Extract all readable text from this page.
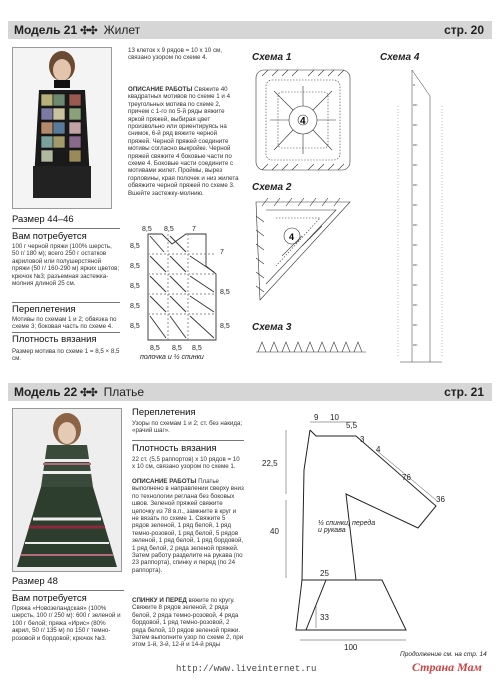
Модель 21 ✣✣ Жилет	стр. 20
Размер 44–46
Вам потребуется
100 г черной пряжи (100% шерсть, 50 г/ 180 м); всего 250 г остатков акриловой или полушерстяной пряжи (50 г/ 160-290 м) ярких цветов; крючок №3; разъемная застежка-молния длиной 25 см.
Переплетения
Мотивы по схемам 1 и 2; обвязка по схеме 3; боковая часть по схеме 4.
Плотность вязания
Размер мотива по схеме 1 = 8,5 × 8,5 см.
13 клеток x 9 рядов = 10 x 10 см, связано узором по схеме 4.
ОПИСАНИЕ РАБОТЫ Свяжите 40 квадратных мотивов по схеме 1 и 4 треугольных мотива по схеме 2, причем с 1-го по 5-й ряды вяжите яркой пряжей, выбирая цвет произвольно или ориентируясь на снимок, 6-й ряд вяжите черной пряжей. Черной пряжей соедините мотивы согласно выкройке. Черной пряжей свяжите 4 боковые части по схеме 4. Боковые части соедините с мотивами жилет. Проймы, вырез горловины, края полочек и низ жилета обвяжите черной пряжей по схеме 3. Вшейте застежку-молнию.
8,5 8,5	7
8,5
8,5
8,5
8,5
8,5
7
8,5
8,5
8,5 8,5 8,5
полочка и ½ спинки
Схема 1
Схема 2
Схема 3
Схема 4
4
4
ıı
ıııı
ıııı
ıııı
ıııı
ıııı
ıııı
ıııı
ıııı
ıııı
ıııı
ıııı
ıııı
ıııı
Модель 22 ✣✣ Платье	стр. 21
Размер 48
Вам потребуется
Пряжа «Новозеландская» (100% шерсть, 100 г/ 250 м): 600 г зеленой и 100 г белой; пряжа «Ирис» (80% акрил, 50 г/ 135 м) по 150 г темно-розовой и бордовой; крючок №3.
Переплетения
Узоры по схемам 1 и 2; ст. без накида; «рачий шаг».
Плотность вязания
22 ст. (5,5 раппортов) x 10 рядов = 10 x 10 см, связано узором по схеме 1.
ОПИСАНИЕ РАБОТЫ Платье выполнено в направлении сверху вниз по технологии реглана без боковых швов. Зеленой пряжей свяжите цепочку из 78 в.п., замкните в круг и не вязать по схеме 1. Свяжите 5 рядов зеленой, 1 ряд белой, 1 ряд темно-розовой, 1 ряд белой, 5 рядов зеленой, 1 ряд белой, 1 ряд бордовой, 1 ряд белой, 2 ряда зеленой пряжей. Затем работу разделите на рукава (по 23 раппорта), спинку и перед (по 24 раппорта).
СПИНКУ И ПЕРЕД вяжите по кругу. Свяжите 8 рядов зеленой, 2 ряда белой, 2 ряда темно-розовой, 4 ряда бордовой, 1 ряд темно-розовой, 2 ряда белой, 10 рядов зеленой пряжи. Затем выполните узор по схеме 2, при этом 1-й, 3-й, 12-й и 14-й ряды
9 10
5,5
4
3
22,5
40
25
33
100
76
36
½ спинки, переда и рукава
Продолжение см. на стр. 14
http://www.liveinternet.ru	Страна Мам
